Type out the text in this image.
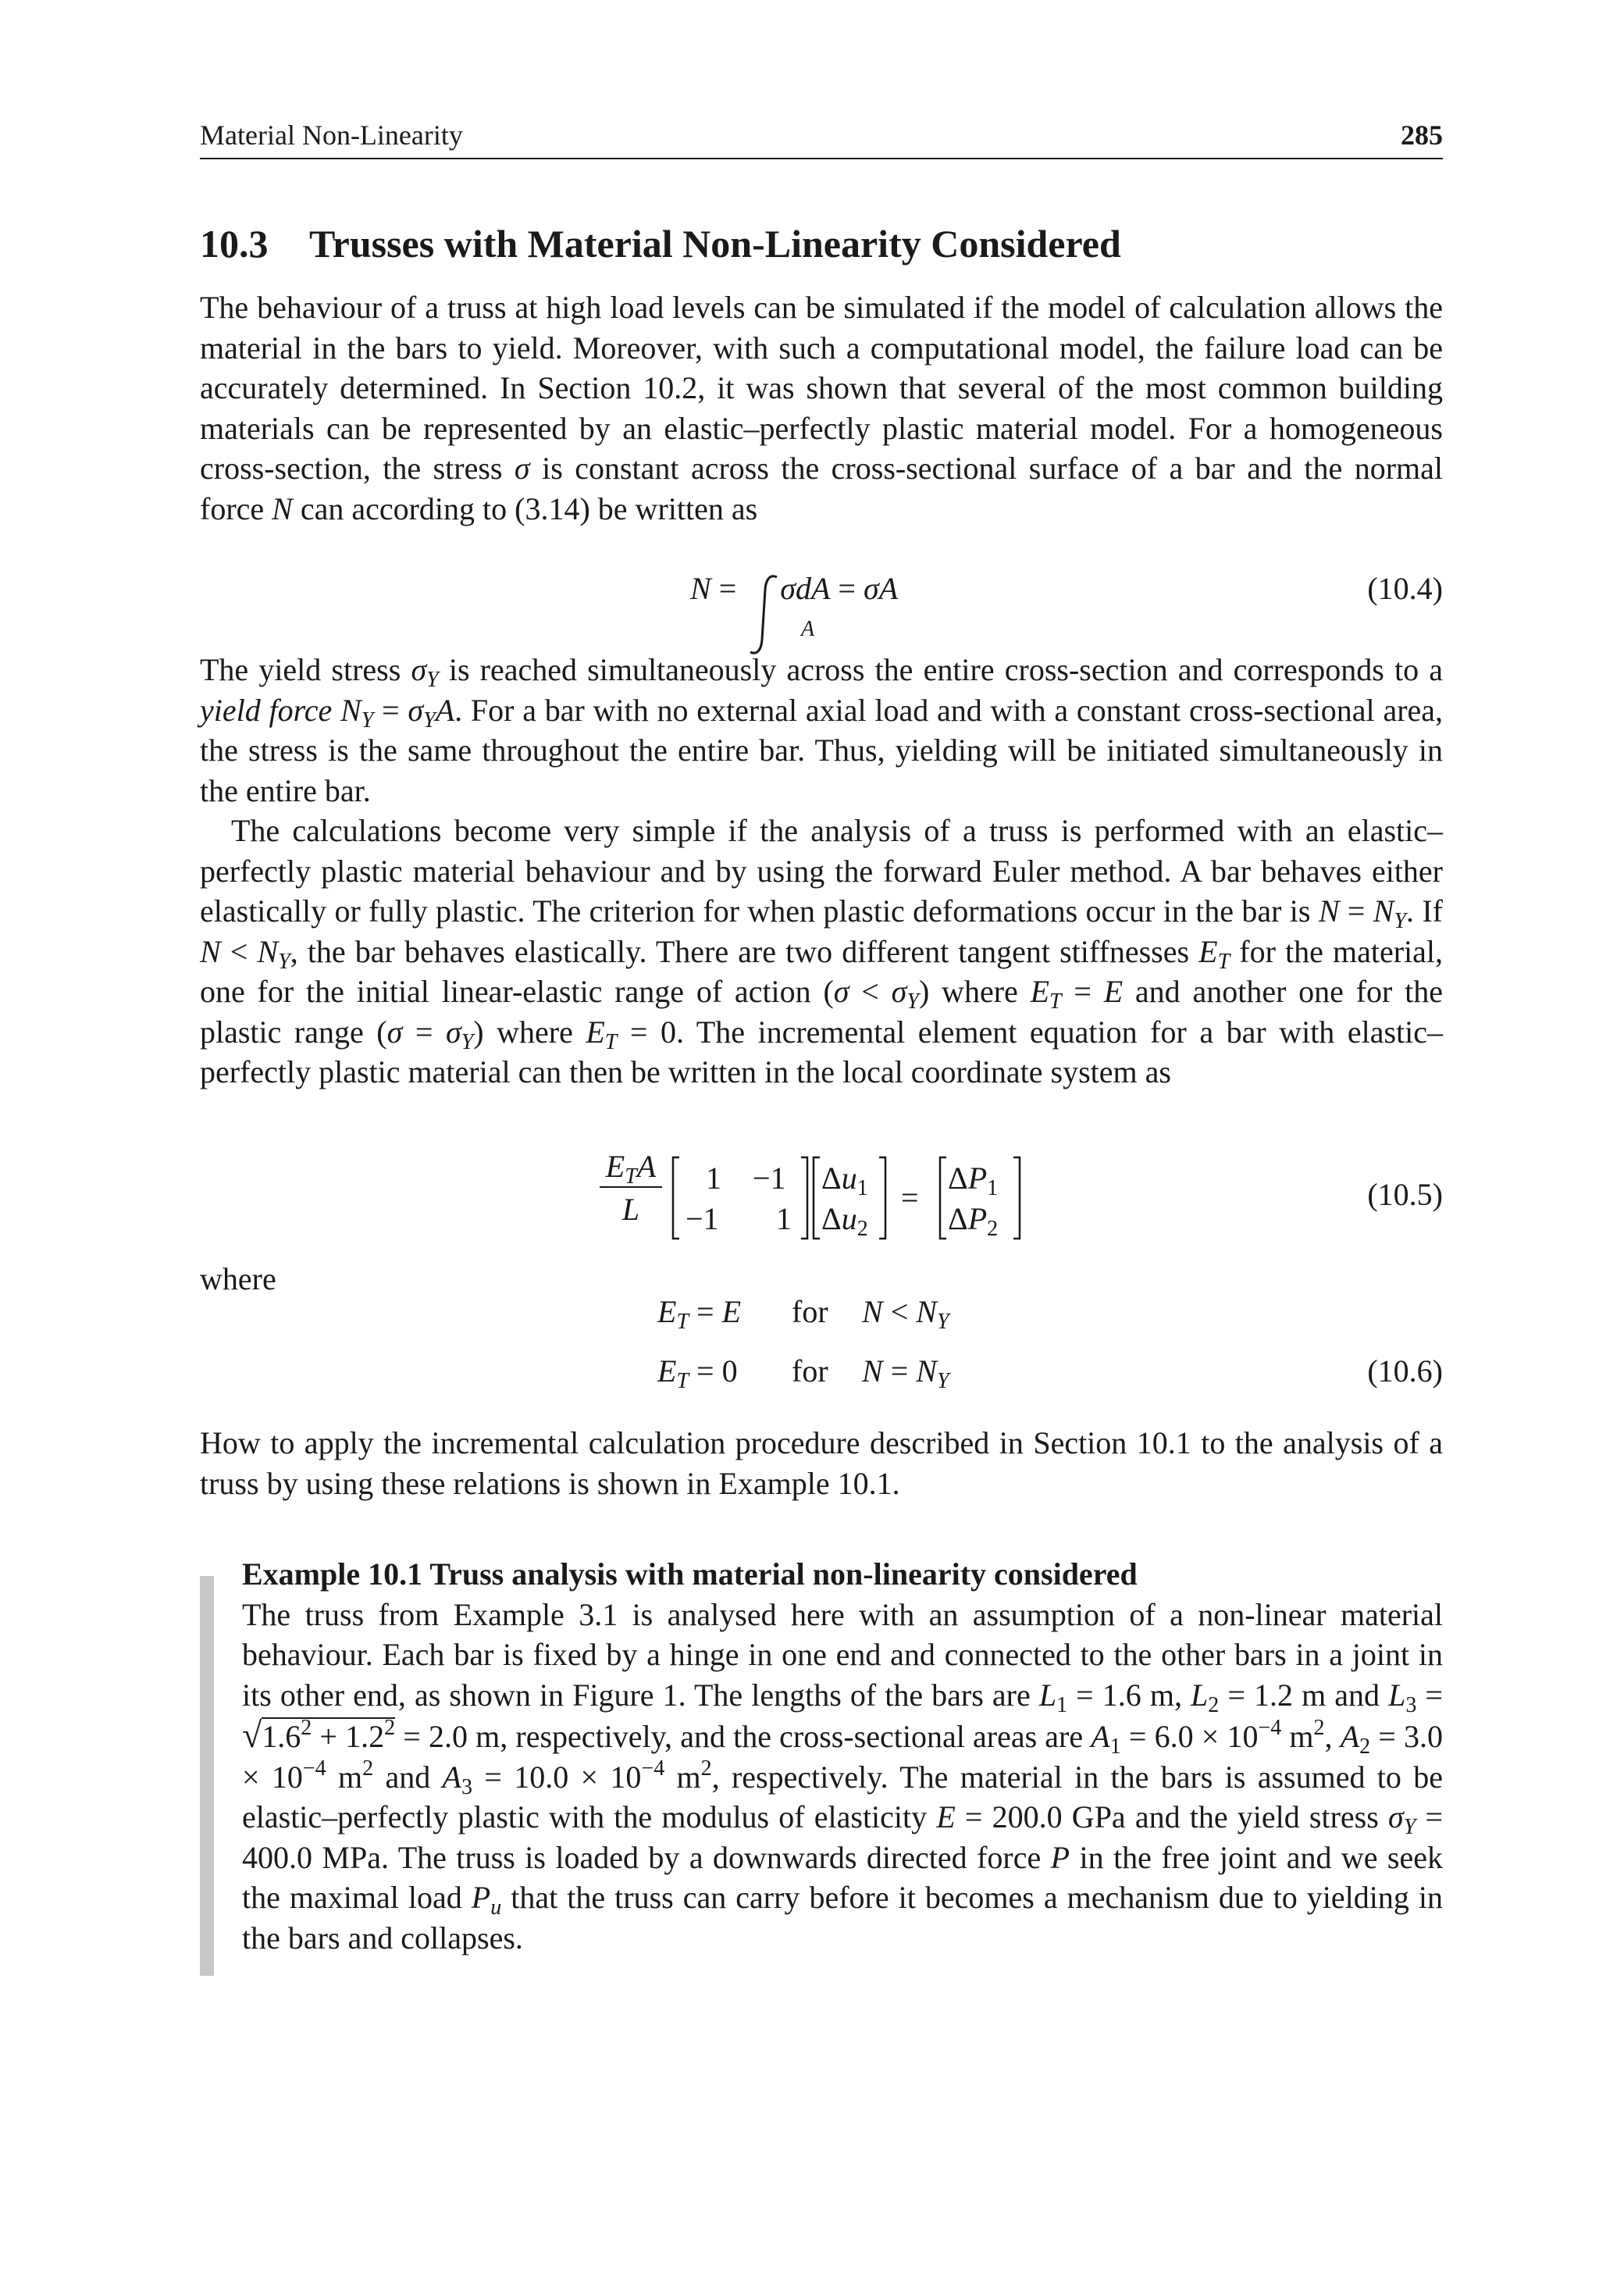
Material Non-Linearity	285
10.3 Trusses with Material Non-Linearity Considered

The behaviour of a truss at high load levels can be simulated if the model of calculation allows the material in the bars to yield. Moreover, with such a computational model, the failure load can be accurately determined. In Section 10.2, it was shown that several of the most common building materials can be represented by an elastic–perfectly plastic material model. For a homogeneous cross-section, the stress σ is constant across the cross-sectional surface of a bar and the normal force N can according to (3.14) be written as

N =
σdA = σA
A
(10.4)

The yield stress $\sigma_Y$ is reached simultaneously across the entire cross-section and corresponds to a yield force $N_Y = \sigma_YA$. For a bar with no external axial load and with a constant cross-sectional area, the stress is the same throughout the entire bar. Thus, yielding will be initiated simultaneously in the entire bar.

The calculations become very simple if the analysis of a truss is performed with an elastic–perfectly plastic material behaviour and by using the forward Euler method. A bar behaves either elastically or fully plastic. The criterion for when plastic deformations occur in the bar is $N = N_Y$. If $N < N_Y$, the bar behaves elastically. There are two different tangent stiffnesses $E_T$ for the material, one for the initial linear-elastic range of action $(\sigma < \sigma_Y)$ where $E_T = E$ and another one for the plastic range $(\sigma = \sigma_Y)$ where $E_T = 0$. The incremental element equation for a bar with elastic–perfectly plastic material can then be written in the local coordinate system as

$E_TA$
L
1 −1
−1 1
$\Delta u_1$
$\Delta u_2$
=
$\Delta P_1$
$\Delta P_2$
(10.5)
where
$E_T = E$ for $N < N_Y$
$E_T = 0$ for $N = N_Y$	(10.6)

How to apply the incremental calculation procedure described in Section 10.1 to the analysis of a truss by using these relations is shown in Example 10.1.

Example 10.1 Truss analysis with material non-linearity considered
The truss from Example 3.1 is analysed here with an assumption of a non-linear material behaviour. Each bar is fixed by a hinge in one end and connected to the other bars in a joint in its other end, as shown in Figure 1. The lengths of the bars are $L_1 = 1.6$ m, $L_2 = 1.2$ m and $L_3 = √1.6^2 + 1.2^2 = 2.0$ m, respectively, and the cross-sectional areas are $A_1 = 6.0 \times 10^{-4}$ $m^2$, $A_2 = 3.0 \times 10^{-4}$ $m^2$ and $A_3 = 10.0 \times 10^{-4}$ $m^2$, respectively. The material in the bars is assumed to be elastic–perfectly plastic with the modulus of elasticity E = 200.0 GPa and the yield stress $\sigma_Y = 400.0$ MPa. The truss is loaded by a downwards directed force P in the free joint and we seek the maximal load $P_u$ that the truss can carry before it becomes a mechanism due to yielding in the bars and collapses.
